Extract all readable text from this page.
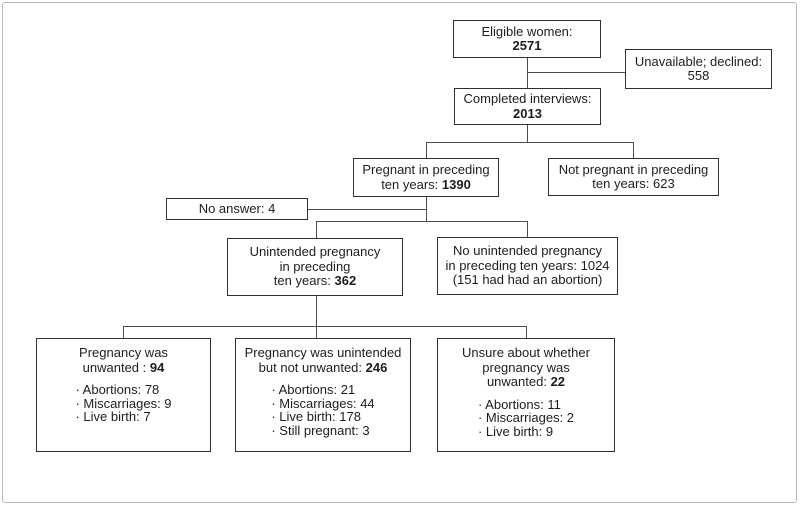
Eligible women:
2571
Unavailable; declined:
558
Completed interviews:
2013
Pregnant in preceding
ten years: 1390
Not pregnant in preceding
ten years: 623
No answer: 4
Unintended pregnancy
in preceding
ten years: 362
No unintended pregnancy
in preceding ten years: 1024
(151 had had an abortion)
Pregnancy was
unwanted : 94
· Abortions: 78
· Miscarriages: 9
· Live birth: 7
Pregnancy was unintended
but not unwanted: 246
· Abortions: 21
· Miscarriages: 44
· Live birth: 178
· Still pregnant: 3
Unsure about whether
pregnancy was
unwanted: 22
· Abortions: 11
· Miscarriages: 2
· Live birth: 9
